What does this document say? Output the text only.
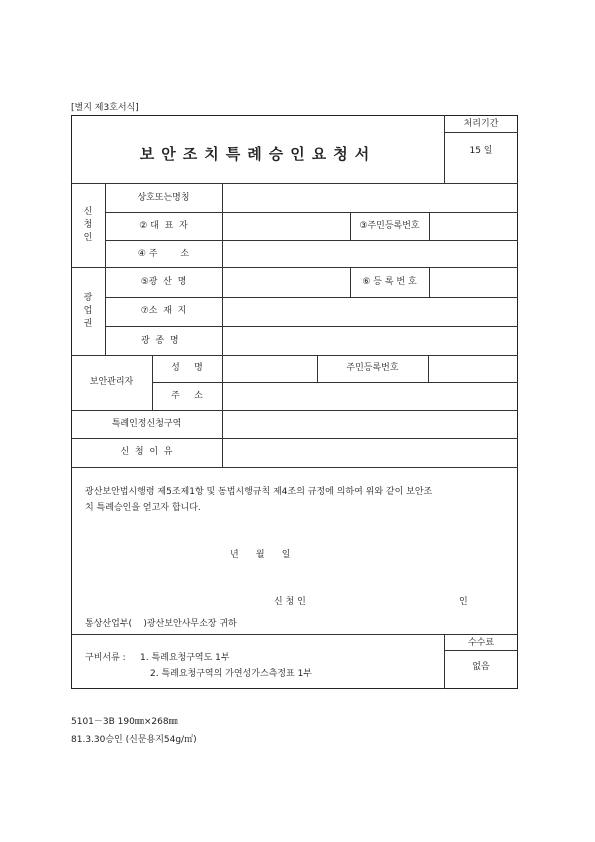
[별지 제3호서식]
보안조치특례승인요청서
처리기간
15 일
신청인
상호또는명칭
② 대  표  자	③주민등록번호
④ 주        소
광업권
⑤광  산  명	⑥ 등 록 번 호
⑦소  재  지
광  종  명
보안관리자
성     명	주민등록번호
주     소
특례인정신청구역
신  청  이  유
광산보안법시행령 제5조제1항 및 동법시행규칙 제4조의 규정에 의하여 위와 같이 보안조
치 특례승인을 얻고자 합니다.
년      월      일
신 청 인	인
통상산업부(    )광산보안사무소장 귀하
구비서류 : 1. 특례요청구역도 1부
2. 특례요청구역의 가연성가스측정표 1부
수수료
없음
5101－3B 190㎜×268㎜
81.3.30승인 (신문용지54g/㎡)
